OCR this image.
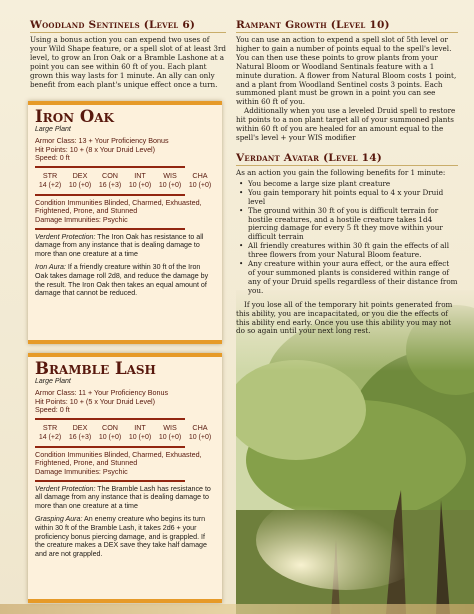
Woodland Sentinels (Level 6)

Using a bonus action you can expend two uses of your Wild Shape feature, or a spell slot of at least 3rd level, to grow an Iron Oak or a Bramble Lashone at a point you can see within 60 ft of you. Each plant grown this way lasts for 1 minute. An ally can only benefit from each plant's unique effect once a turn.

Iron Oak

Large Plant

Armor Class: 13 + Your Proficiency Bonus

Hit Points: 10 + (8 x Your Druid Level)

Speed: 0 ft

STR	DEX	CON	INT	WIS	CHA
14 (+2)	10 (+0)	16 (+3)	10 (+0)	10 (+0)	10 (+0)

Condition Immunities Blinded, Charmed, Exhuasted, Frightened, Prone, and Stunned

Damage Immunities: Psychic

Verdent Protection: The Iron Oak has resistance to all damage from any instance that is dealing damage to more than one creature at a time

Iron Aura: If a friendly creature within 30 ft of the Iron Oak takes damage roll 2d8, and reduce the damage by the result. The Iron Oak then takes an equal amount of damage that cannot be reduced.

Bramble Lash

Large Plant

Armor Class: 11 + Your Proficiency Bonus

Hit Points: 10 + (5 x Your Druid Level)

Speed: 0 ft

STR	DEX	CON	INT	WIS	CHA
14 (+2)	16 (+3)	10 (+0)	10 (+0)	10 (+0)	10 (+0)

Condition Immunities Blinded, Charmed, Exhuasted, Frightened, Prone, and Stunned

Damage Immunities: Psychic

Verdent Protection: The Bramble Lash has resistance to all damage from any instance that is dealing damage to more than one creature at a time

Grasping Aura: An enemy creature who begins its turn within 30 ft of the Bramble Lash, it takes 2d6 + your proficiency bonus piercing damage, and is grappled. If the creature makes a DEX save they take half damage and are not grappled.

Rampant Growth (Level 10)

You can use an action to expend a spell slot of 5th level or higher to gain a number of points equal to the spell's level. You can then use these points to grow plants from your Natural Bloom or Woodland Sentinals feature with a 1 minute duration. A flower from Natural Bloom costs 1 point, and a plant from Woodland Sentinel costs 3 points. Each summoned plant must be grown in a point you can see within 60 ft of you.

Additionally when you use a leveled Druid spell to restore hit points to a non plant target all of your summoned plants within 60 ft of you are healed for an amount equal to the spell's level + your WIS modifier

Verdant Avatar (Level 14)

As an action you gain the following benefits for 1 minute:

• You become a large size plant creature
• You gain temporary hit points equal to 4 x your Druid level
• The ground within 30 ft of you is difficult terrain for hostile creatures, and a hostile creature takes 1d4 piercing damage for every 5 ft they move within your difficult terrain
• All friendly creatures within 30 ft gain the effects of all three flowers from your Natural Bloom feature.
• Any creature within your aura effect, or the aura effect of your summoned plants is considered within range of any of your Druid spells regardless of their distance from you.

If you lose all of the temporary hit points generated from this ability, you are incapacitated, or you die the effects of this ability end early. Once you use this ability you may not do so again until your next long rest.
